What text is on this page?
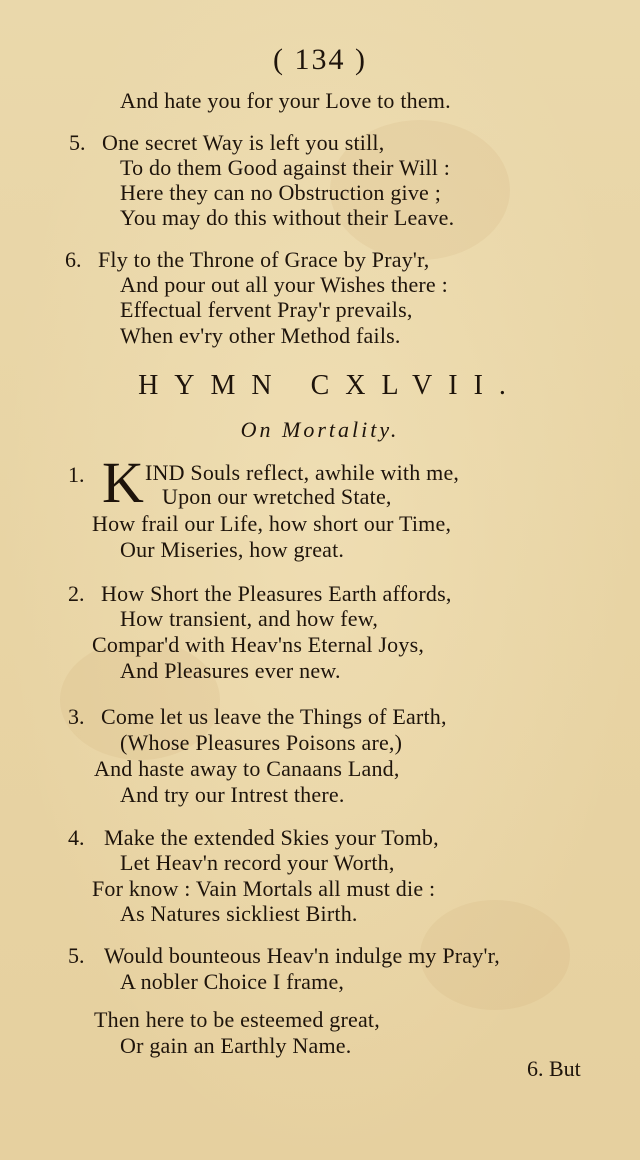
( 134 )
And hate you for your Love to them.
5. One secret Way is left you still,
To do them Good against their Will :
Here they can no Obstruction give ;
You may do this without their Leave.
6. Fly to the Throne of Grace by Pray'r,
And pour out all your Wishes there :
Effectual fervent Pray'r prevails,
When ev'ry other Method fails.
HYMN CXLVII.
On Mortality.
1. K IND Souls reflect, awhile with me,
Upon our wretched State,
How frail our Life, how short our Time,
Our Miseries, how great.
2. How Short the Pleasures Earth affords,
How transient, and how few,
Compar'd with Heav'ns Eternal Joys,
And Pleasures ever new.
3. Come let us leave the Things of Earth,
(Whose Pleasures Poisons are,)
And haste away to Canaans Land,
And try our Intrest there.
4. Make the extended Skies your Tomb,
Let Heav'n record your Worth,
For know : Vain Mortals all must die :
As Natures sickliest Birth.
5. Would bounteous Heav'n indulge my Pray'r,
A nobler Choice I frame,
Then here to be esteemed great,
Or gain an Earthly Name.
6. But
